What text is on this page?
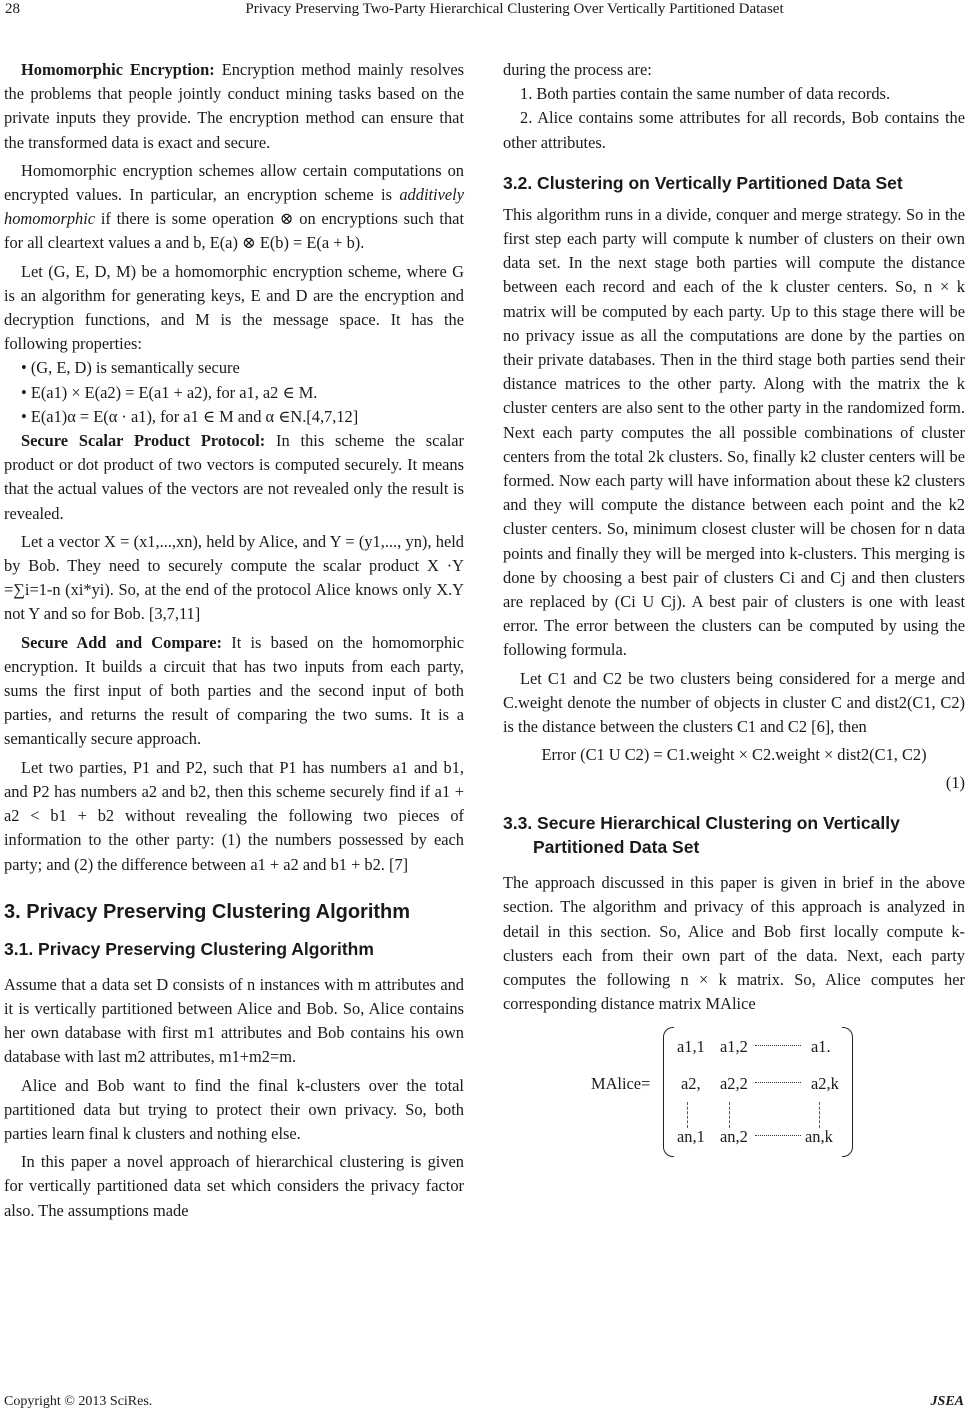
28	Privacy Preserving Two-Party Hierarchical Clustering Over Vertically Partitioned Dataset

Homomorphic Encryption: Encryption method mainly resolves the problems that people jointly conduct mining tasks based on the private inputs they provide. The encryption method can ensure that the transformed data is exact and secure.

Homomorphic encryption schemes allow certain computations on encrypted values. In particular, an encryption scheme is additively homomorphic if there is some operation ⊗ on encryptions such that for all cleartext values a and b, E(a) ⊗ E(b) = E(a + b).

Let (G, E, D, M) be a homomorphic encryption scheme, where G is an algorithm for generating keys, E and D are the encryption and decryption functions, and M is the message space. It has the following properties:

• (G, E, D) is semantically secure

• E(a1) × E(a2) = E(a1 + a2), for a1, a2 ∈ M.

• E(a1)α = E(α · a1), for a1 ∈ M and α ∈N.[4,7,12]

Secure Scalar Product Protocol: In this scheme the scalar product or dot product of two vectors is computed securely. It means that the actual values of the vectors are not revealed only the result is revealed.

Let a vector X = (x1,...,xn), held by Alice, and Y = (y1,..., yn), held by Bob. They need to securely compute the scalar product X ·Y =∑i=1-n (xi*yi). So, at the end of the protocol Alice knows only X.Y not Y and so for Bob. [3,7,11]

Secure Add and Compare: It is based on the homomorphic encryption. It builds a circuit that has two inputs from each party, sums the first input of both parties and the second input of both parties, and returns the result of comparing the two sums. It is a semantically secure approach.

Let two parties, P1 and P2, such that P1 has numbers a1 and b1, and P2 has numbers a2 and b2, then this scheme securely find if a1 + a2 < b1 + b2 without revealing the following two pieces of information to the other party: (1) the numbers possessed by each party; and (2) the difference between a1 + a2 and b1 + b2. [7]

3. Privacy Preserving Clustering Algorithm
3.1. Privacy Preserving Clustering Algorithm

Assume that a data set D consists of n instances with m attributes and it is vertically partitioned between Alice and Bob. So, Alice contains her own database with first m1 attributes and Bob contains his own database with last m2 attributes, m1+m2=m.

Alice and Bob want to find the final k-clusters over the total partitioned data but trying to protect their own privacy. So, both parties learn final k clusters and nothing else.

In this paper a novel approach of hierarchical clustering is given for vertically partitioned data set which considers the privacy factor also. The assumptions made

during the process are:

1. Both parties contain the same number of data records.

2. Alice contains some attributes for all records, Bob contains the other attributes.

3.2. Clustering on Vertically Partitioned Data Set

This algorithm runs in a divide, conquer and merge strategy. So in the first step each party will compute k number of clusters on their own data set. In the next stage both parties will compute the distance between each record and each of the k cluster centers. So, n × k matrix will be computed by each party. Up to this stage there will be no privacy issue as all the computations are done by the parties on their private databases. Then in the third stage both parties send their distance matrices to the other party. Along with the matrix the k cluster centers are also sent to the other party in the randomized form. Next each party computes the all possible combinations of cluster centers from the total 2k clusters. So, finally k2 cluster centers will be formed. Now each party will have information about these k2 clusters and they will compute the distance between each point and the k2 cluster centers. So, minimum closest cluster will be chosen for n data points and finally they will be merged into k-clusters. This merging is done by choosing a best pair of clusters Ci and Cj and then clusters are replaced by (Ci U Cj). A best pair of clusters is one with least error. The error between the clusters can be computed by using the following formula.

Let C1 and C2 be two clusters being considered for a merge and C.weight denote the number of objects in cluster C and dist2(C1, C2) is the distance between the clusters C1 and C2 [6], then

Error (C1 U C2) = C1.weight × C2.weight × dist2(C1, C2)

(1)

3.3. Secure Hierarchical Clustering on Vertically
Partitioned Data Set

The approach discussed in this paper is given in brief in the above section. The algorithm and privacy of this approach is analyzed in detail in this section. So, Alice and Bob first locally compute k-clusters each from their own part of the data. Next, each party computes the following n × k matrix. So, Alice computes her corresponding distance matrix MAlice

MAlice=
a1,1 a1,2	a1.
a2, a2,2	a2,k
an,1 an,2	an,k
Copyright © 2013 SciRes.	JSEA
